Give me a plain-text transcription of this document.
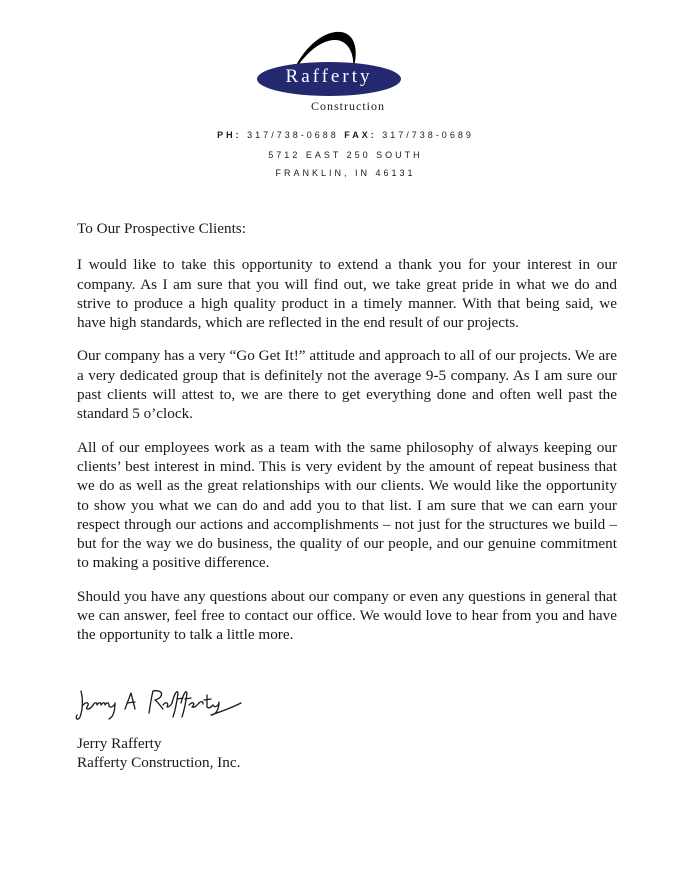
Rafferty
Construction
PH: 317/738-0688 FAX: 317/738-0689
5712 EAST 250 SOUTH
FRANKLIN, IN 46131

To Our Prospective Clients:

I would like to take this opportunity to extend a thank you for your interest in our company. As I am sure that you will find out, we take great pride in what we do and strive to produce a high quality product in a timely manner. With that being said, we have high standards, which are reflected in the end result of our projects.

Our company has a very “Go Get It!” attitude and approach to all of our projects. We are a very dedicated group that is definitely not the average 9-5 company. As I am sure our past clients will attest to, we are there to get everything done and often well past the standard 5 o’clock.

All of our employees work as a team with the same philosophy of always keeping our clients’ best interest in mind. This is very evident by the amount of repeat business that we do as well as the great relationships with our clients. We would like the opportunity to show you what we can do and add you to that list. I am sure that we can earn your respect through our actions and accomplishments – not just for the structures we build – but for the way we do business, the quality of our people, and our genuine commitment to making a positive difference.

Should you have any questions about our company or even any questions in general that we can answer, feel free to contact our office. We would love to hear from you and have the opportunity to talk a little more.

Jerry Rafferty
Rafferty Construction, Inc.
